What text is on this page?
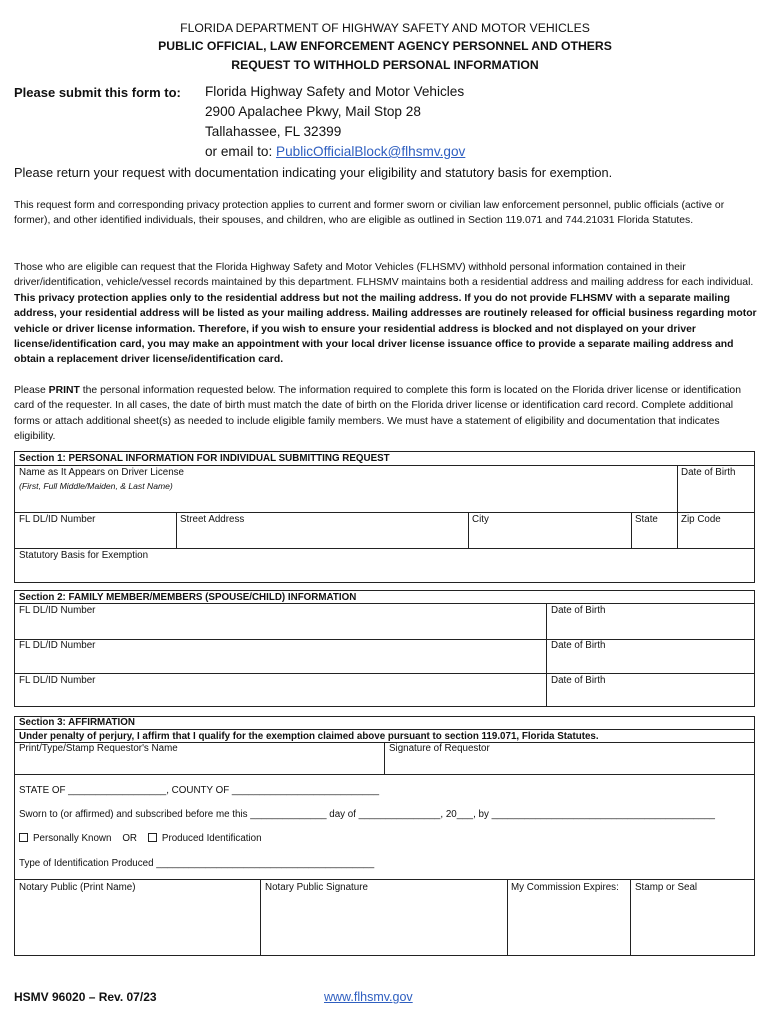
FLORIDA DEPARTMENT OF HIGHWAY SAFETY AND MOTOR VEHICLES
PUBLIC OFFICIAL, LAW ENFORCEMENT AGENCY PERSONNEL AND OTHERS
REQUEST TO WITHHOLD PERSONAL INFORMATION
Please submit this form to: Florida Highway Safety and Motor Vehicles
2900 Apalachee Pkwy, Mail Stop 28
Tallahassee, FL 32399
or email to: PublicOfficialBlock@flhsmv.gov
Please return your request with documentation indicating your eligibility and statutory basis for exemption.
This request form and corresponding privacy protection applies to current and former sworn or civilian law enforcement personnel, public officials (active or former), and other identified individuals, their spouses, and children, who are eligible as outlined in Section 119.071 and 744.21031 Florida Statutes.
Those who are eligible can request that the Florida Highway Safety and Motor Vehicles (FLHSMV) withhold personal information contained in their driver/identification, vehicle/vessel records maintained by this department. FLHSMV maintains both a residential address and mailing address for each individual. This privacy protection applies only to the residential address but not the mailing address. If you do not provide FLHSMV with a separate mailing address, your residential address will be listed as your mailing address. Mailing addresses are routinely released for official business regarding motor vehicle or driver license information. Therefore, if you wish to ensure your residential address is blocked and not displayed on your driver license/identification card, you may make an appointment with your local driver license issuance office to provide a separate mailing address and obtain a replacement driver license/identification card.
Please PRINT the personal information requested below. The information required to complete this form is located on the Florida driver license or identification card of the requester. In all cases, the date of birth must match the date of birth on the Florida driver license or identification card record. Complete additional forms or attach additional sheet(s) as needed to include eligible family members. We must have a statement of eligibility and documentation that indicates eligibility.
Section 1: PERSONAL INFORMATION FOR INDIVIDUAL SUBMITTING REQUEST
Name as It Appears on Driver License
(First, Full Middle/Maiden, & Last Name)
Date of Birth
FL DL/ID Number	Street Address	City	State Zip Code
Statutory Basis for Exemption
Section 2: FAMILY MEMBER/MEMBERS (SPOUSE/CHILD) INFORMATION
FL DL/ID Number	Date of Birth
FL DL/ID Number	Date of Birth
FL DL/ID Number	Date of Birth
Section 3: AFFIRMATION
Under penalty of perjury, I affirm that I qualify for the exemption claimed above pursuant to section 119.071, Florida Statutes.
Print/Type/Stamp Requestor's Name	Signature of Requestor
STATE OF __________________, COUNTY OF ___________________________
Sworn to (or affirmed) and subscribed before me this ______________ day of _______________, 20___, by _________________________________________
Personally Known OR	Produced Identification
Type of Identification Produced ________________________________________
Notary Public (Print Name)	Notary Public Signature	My Commission Expires: Stamp or Seal
HSMV 96020 – Rev. 07/23	www.flhsmv.gov
